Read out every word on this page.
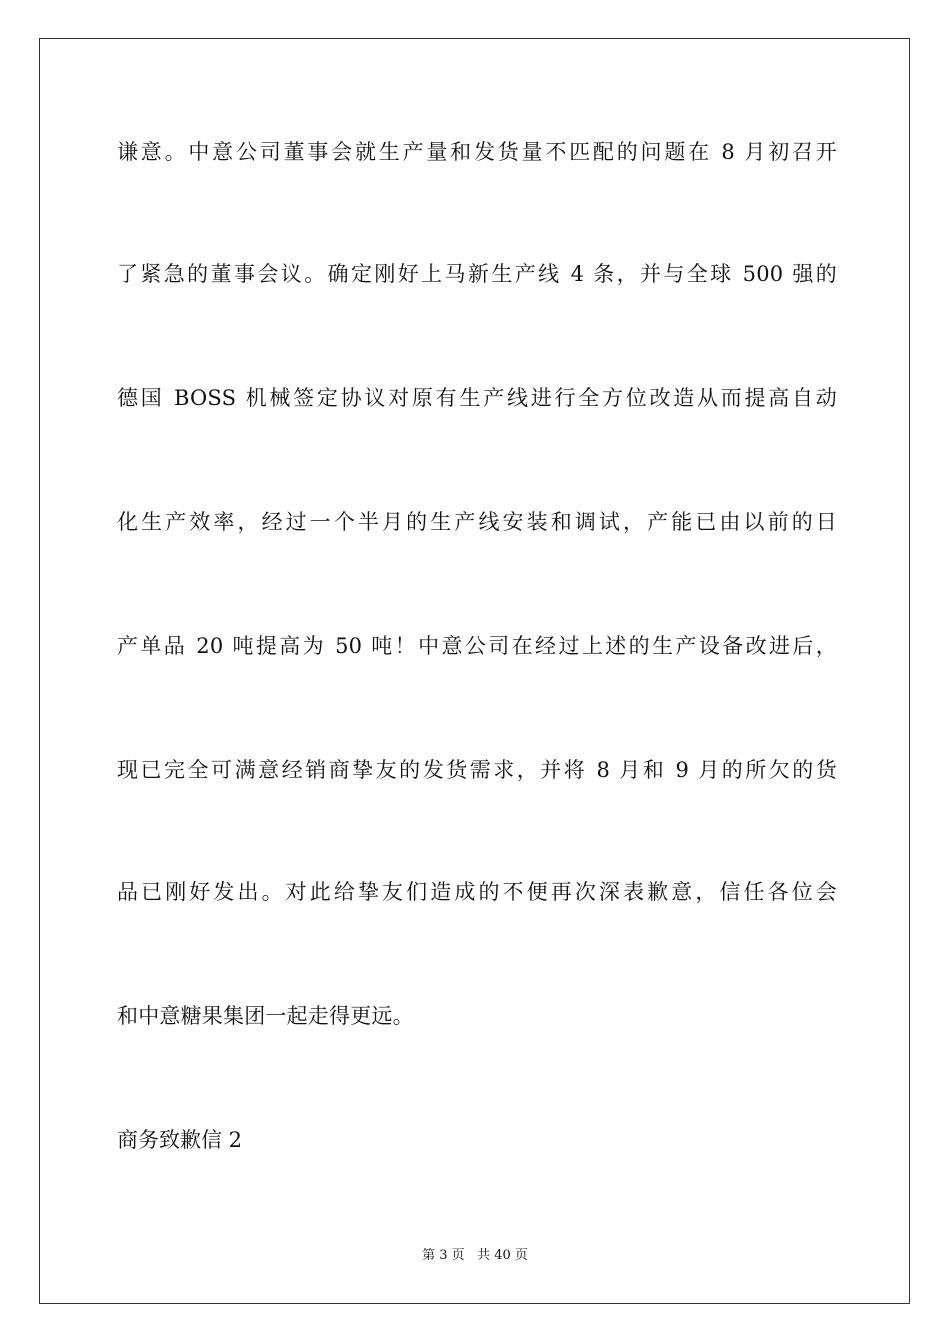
谦意。中意公司董事会就生产量和发货量不匹配的问题在 8 月初召开
了紧急的董事会议。确定刚好上马新生产线 4 条，并与全球 500 强的
德国 BOSS 机械签定协议对原有生产线进行全方位改造从而提高自动
化生产效率，经过一个半月的生产线安装和调试，产能已由以前的日
产单品 20 吨提高为 50 吨！中意公司在经过上述的生产设备改进后，
现已完全可满意经销商挚友的发货需求，并将 8 月和 9 月的所欠的货
品已刚好发出。对此给挚友们造成的不便再次深表歉意，信任各位会
和中意糖果集团一起走得更远。
商务致歉信 2
第 3 页   共 40 页
